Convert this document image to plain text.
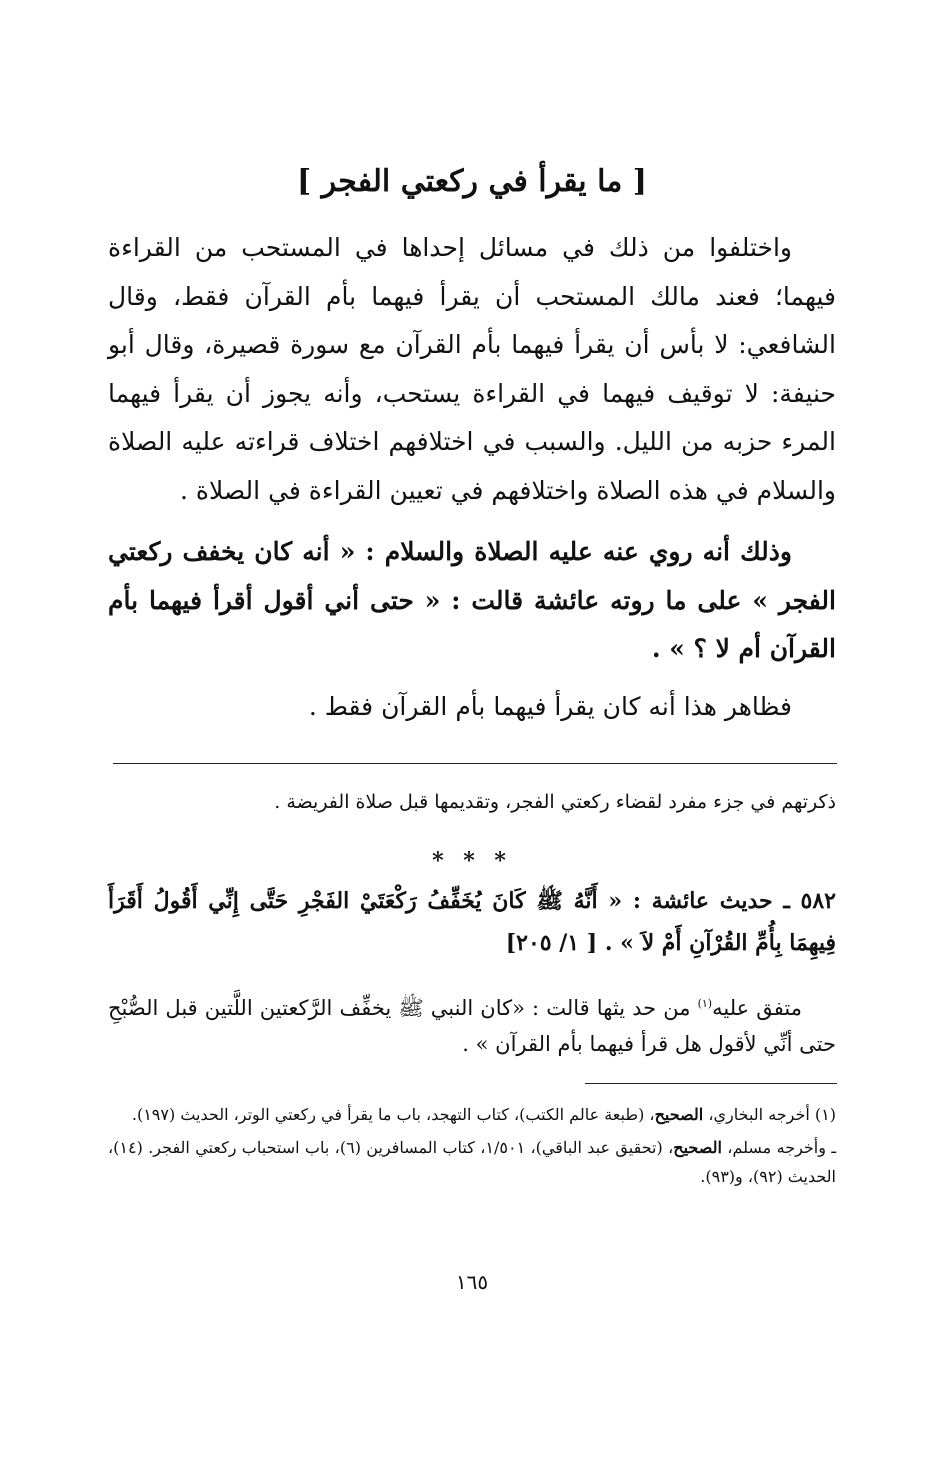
[ ما يقرأ في ركعتي الفجر ]

واختلفوا من ذلك في مسائل إحداها في المستحب من القراءة فيهما؛ فعند مالك المستحب أن يقرأ فيهما بأم القرآن فقط، وقال الشافعي: لا بأس أن يقرأ فيهما بأم القرآن مع سورة قصيرة، وقال أبو حنيفة: لا توقيف فيهما في القراءة يستحب، وأنه يجوز أن يقرأ فيهما المرء حزبه من الليل. والسبب في اختلافهم اختلاف قراءته عليه الصلاة والسلام في هذه الصلاة واختلافهم في تعيين القراءة في الصلاة .

وذلك أنه روي عنه عليه الصلاة والسلام : « أنه كان يخفف ركعتي الفجر » على ما روته عائشة قالت : « حتى أني أقول أقرأ فيهما بأم القرآن أم لا ؟ » .

فظاهر هذا أنه كان يقرأ فيهما بأم القرآن فقط .

ذكرتهم في جزء مفرد لقضاء ركعتي الفجر، وتقديمها قبل صلاة الفريضة .
* * *
٥٨٢ ـ حديث عائشة : « أَنَّهُ ﷺ كَانَ يُخَفِّفُ رَكْعَتَيْ الفَجْرِ حَتَّى إِنِّي أَقُولُ أَقَرَأَ فِيهِمَا بِأُمِّ القُرْآنِ أَمْ لاَ » . [ ١/ ٢٠٥]

متفق عليه$^{(١)}$ من حد يثها قالت : «كان النبي ﷺ يخفِّف الرَّكعتين اللَّتين قبل الصُّبْحِ حتى أنِّي لأقول هل قرأ فيهما بأم القرآن » .

(١) أخرجه البخاري، الصحيح، (طبعة عالم الكتب)، كتاب التهجد، باب ما يقرأ في ركعتي الوتر، الحديث (١٩٧).

ـ وأخرجه مسلم، الصحيح، (تحقيق عبد الباقي)، ١/٥٠١، كتاب المسافرين (٦)، باب استحباب ركعتي الفجر. (١٤)، الحديث (٩٢)، و(٩٣).

١٦٥
